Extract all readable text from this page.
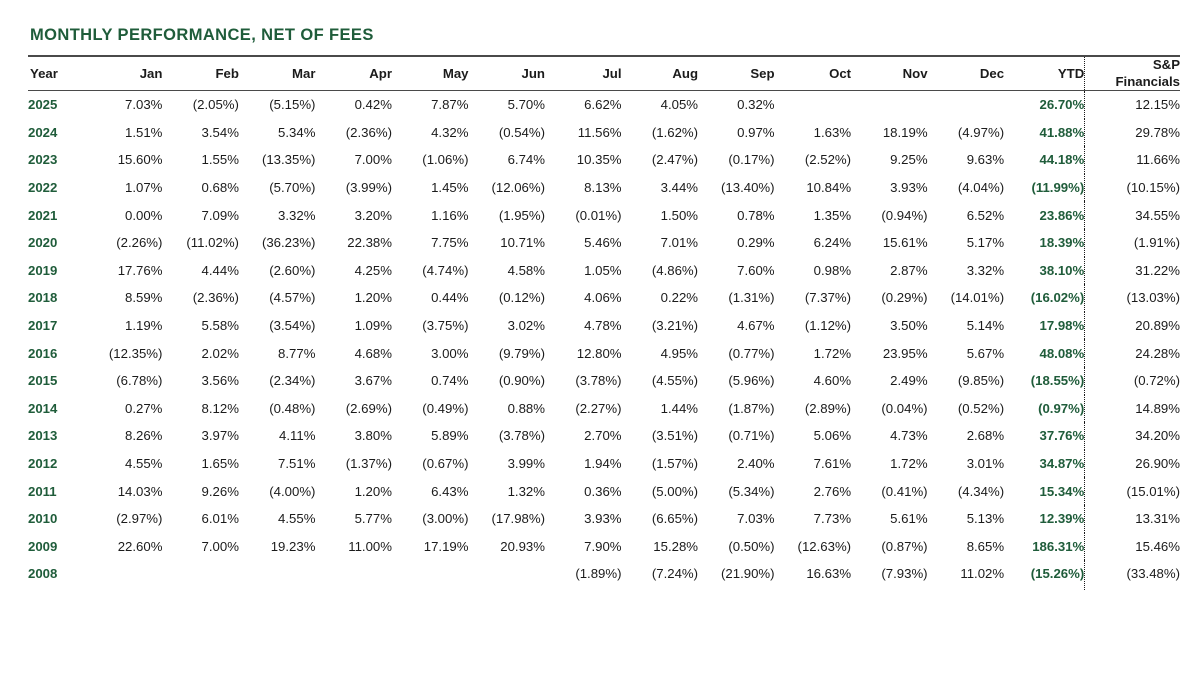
MONTHLY PERFORMANCE, NET OF FEES
Year	Jan	Feb	Mar	Apr	May	Jun	Jul	Aug	Sep	Oct	Nov	Dec	YTD	S&P
Financials

2025	7.03%	(2.05%)	(5.15%)	0.42%	7.87%	5.70%	6.62%	4.05%	0.32%				26.70%	12.15%
2024	1.51%	3.54%	5.34%	(2.36%)	4.32%	(0.54%)	11.56%	(1.62%)	0.97%	1.63%	18.19%	(4.97%)	41.88%	29.78%
2023	15.60%	1.55%	(13.35%)	7.00%	(1.06%)	6.74%	10.35%	(2.47%)	(0.17%)	(2.52%)	9.25%	9.63%	44.18%	11.66%
2022	1.07%	0.68%	(5.70%)	(3.99%)	1.45%	(12.06%)	8.13%	3.44%	(13.40%)	10.84%	3.93%	(4.04%)	(11.99%)	(10.15%)
2021	0.00%	7.09%	3.32%	3.20%	1.16%	(1.95%)	(0.01%)	1.50%	0.78%	1.35%	(0.94%)	6.52%	23.86%	34.55%
2020	(2.26%)	(11.02%)	(36.23%)	22.38%	7.75%	10.71%	5.46%	7.01%	0.29%	6.24%	15.61%	5.17%	18.39%	(1.91%)
2019	17.76%	4.44%	(2.60%)	4.25%	(4.74%)	4.58%	1.05%	(4.86%)	7.60%	0.98%	2.87%	3.32%	38.10%	31.22%
2018	8.59%	(2.36%)	(4.57%)	1.20%	0.44%	(0.12%)	4.06%	0.22%	(1.31%)	(7.37%)	(0.29%)	(14.01%)	(16.02%)	(13.03%)
2017	1.19%	5.58%	(3.54%)	1.09%	(3.75%)	3.02%	4.78%	(3.21%)	4.67%	(1.12%)	3.50%	5.14%	17.98%	20.89%
2016	(12.35%)	2.02%	8.77%	4.68%	3.00%	(9.79%)	12.80%	4.95%	(0.77%)	1.72%	23.95%	5.67%	48.08%	24.28%
2015	(6.78%)	3.56%	(2.34%)	3.67%	0.74%	(0.90%)	(3.78%)	(4.55%)	(5.96%)	4.60%	2.49%	(9.85%)	(18.55%)	(0.72%)
2014	0.27%	8.12%	(0.48%)	(2.69%)	(0.49%)	0.88%	(2.27%)	1.44%	(1.87%)	(2.89%)	(0.04%)	(0.52%)	(0.97%)	14.89%
2013	8.26%	3.97%	4.11%	3.80%	5.89%	(3.78%)	2.70%	(3.51%)	(0.71%)	5.06%	4.73%	2.68%	37.76%	34.20%
2012	4.55%	1.65%	7.51%	(1.37%)	(0.67%)	3.99%	1.94%	(1.57%)	2.40%	7.61%	1.72%	3.01%	34.87%	26.90%
2011	14.03%	9.26%	(4.00%)	1.20%	6.43%	1.32%	0.36%	(5.00%)	(5.34%)	2.76%	(0.41%)	(4.34%)	15.34%	(15.01%)
2010	(2.97%)	6.01%	4.55%	5.77%	(3.00%)	(17.98%)	3.93%	(6.65%)	7.03%	7.73%	5.61%	5.13%	12.39%	13.31%
2009	22.60%	7.00%	19.23%	11.00%	17.19%	20.93%	7.90%	15.28%	(0.50%)	(12.63%)	(0.87%)	8.65%	186.31%	15.46%
2008							(1.89%)	(7.24%)	(21.90%)	16.63%	(7.93%)	11.02%	(15.26%)	(33.48%)
